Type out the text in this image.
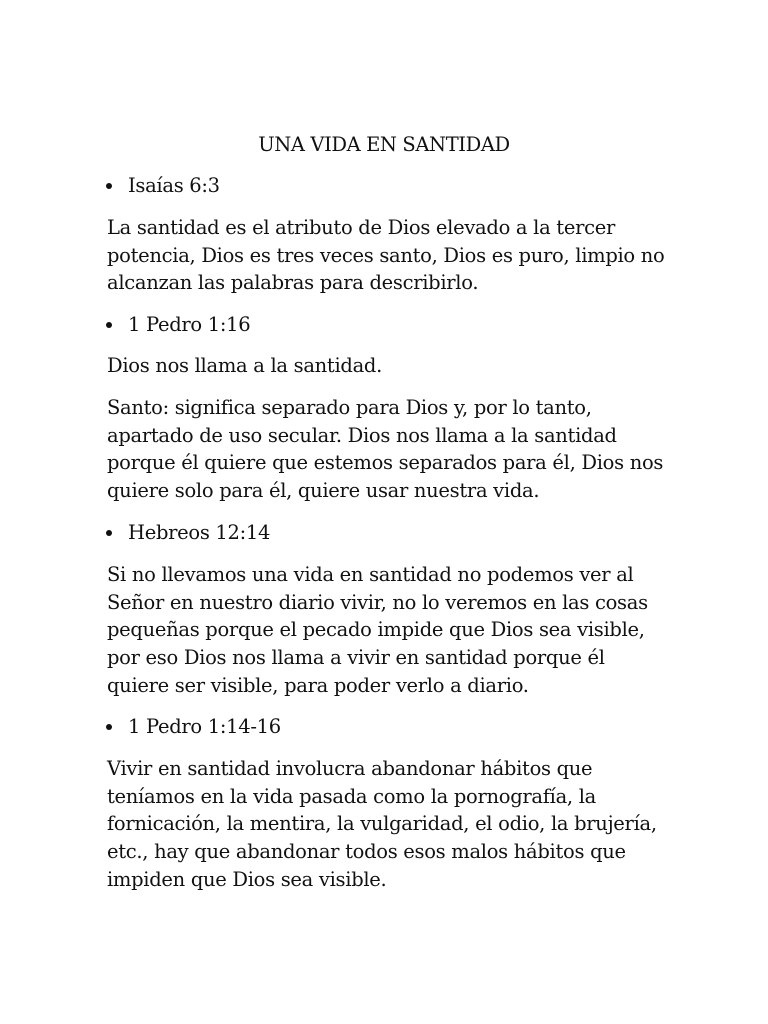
UNA VIDA EN SANTIDAD
Isaías 6:3

La santidad es el atributo de Dios elevado a la tercer potencia, Dios es tres veces santo, Dios es puro, limpio no alcanzan las palabras para describirlo.

1 Pedro 1:16

Dios nos llama a la santidad.

Santo: significa separado para Dios y, por lo tanto, apartado de uso secular. Dios nos llama a la santidad porque él quiere que estemos separados para él, Dios nos quiere solo para él, quiere usar nuestra vida.

Hebreos 12:14

Si no llevamos una vida en santidad no podemos ver al Señor en nuestro diario vivir, no lo veremos en las cosas pequeñas porque el pecado impide que Dios sea visible, por eso Dios nos llama a vivir en santidad porque él quiere ser visible, para poder verlo a diario.

1 Pedro 1:14-16

Vivir en santidad involucra abandonar hábitos que teníamos en la vida pasada como la pornografía, la fornicación, la mentira, la vulgaridad, el odio, la brujería, etc., hay que abandonar todos esos malos hábitos que impiden que Dios sea visible.
